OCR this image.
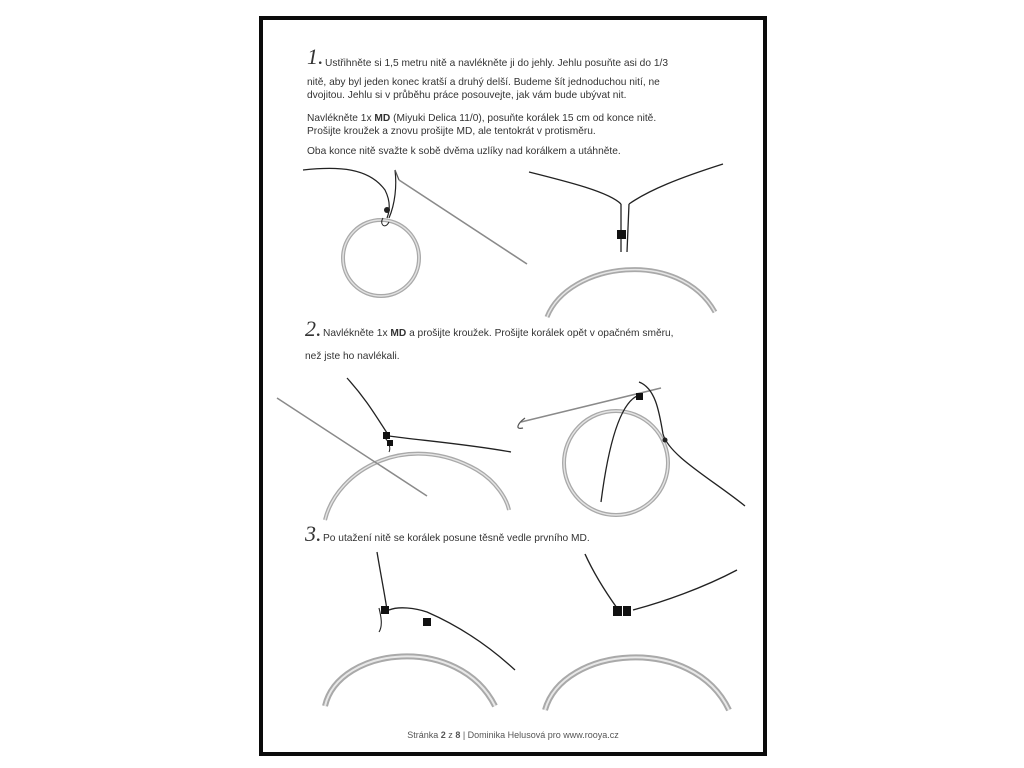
1. Ustřihněte si 1,5 metru nitě a navlékněte ji do jehly. Jehlu posuňte asi do 1/3
nitě, aby byl jeden konec kratší a druhý delší. Budeme šít jednoduchou nití, ne
dvojitou. Jehlu si v průběhu práce posouvejte, jak vám bude ubývat nit.
Navlékněte 1x MD (Miyuki Delica 11/0), posuňte korálek 15 cm od konce nitě.
Prošijte kroužek a znovu prošijte MD, ale tentokrát v protisměru.
Oba konce nitě svažte k sobě dvěma uzlíky nad korálkem a utáhněte.
2. Navlékněte 1x MD a prošijte kroužek. Prošijte korálek opět v opačném směru,
než jste ho navlékali.
3. Po utažení nitě se korálek posune těsně vedle prvního MD.
Stránka 2 z 8 | Dominika Helusová pro www.rooya.cz
